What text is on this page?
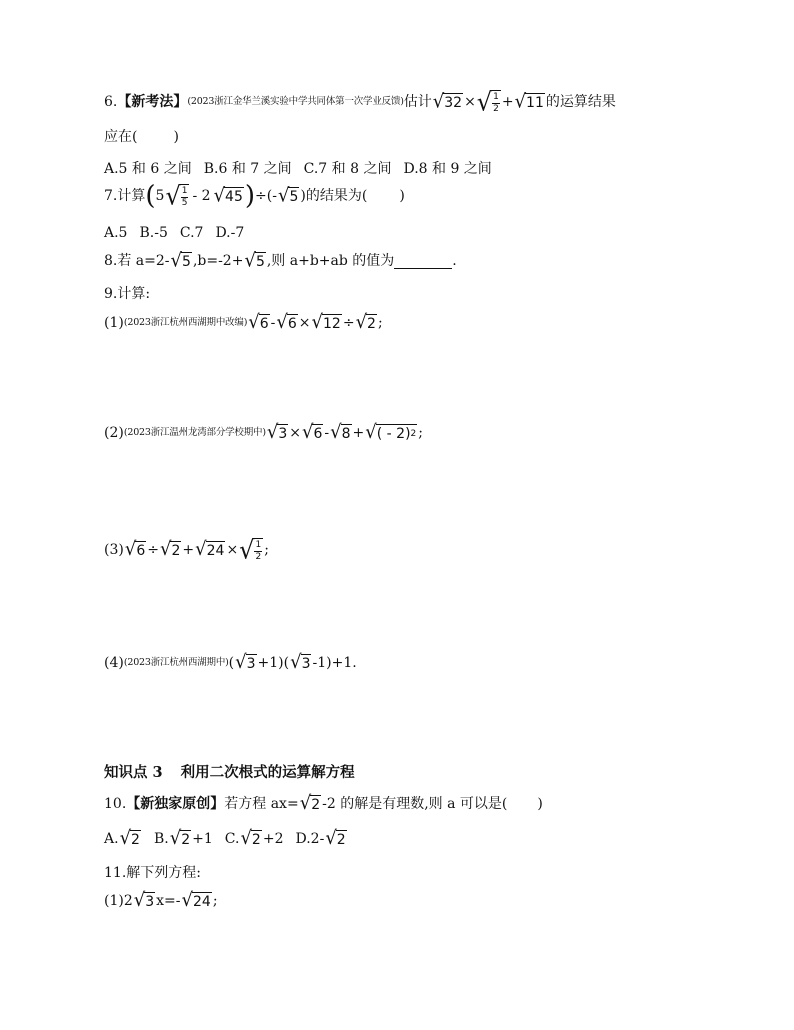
6. 【新考法】 (2023浙江金华兰溪实验中学共同体第一次学业反馈) 估计 √ 32 × √ $\frac{1}{2}$ + √ 11 的运算结果
应在(	)
A.5 和 6 之间 B.6 和 7 之间 C.7 和 8 之间 D.8 和 9 之间
7.计算 ( 5 √ $\frac{1}{5} - 2$ √ 45 ) ÷(- √ 5 )的结果为( )
A.5 B.-5 C.7 D.-7
8.若 a=2- √ 5 ,b=-2+ √ 5 ,则 a+b+ab 的值为	.
9.计算:
(1) (2023浙江杭州西湖期中改编) √ 6 - √ 6 × √ 12 ÷ √ 2 ;
(2) (2023浙江温州龙湾部分学校期中) √ 3 × √ 6 - √ 8 + √ ( - 2) 2 ;
(3) √ 6 ÷ √ 2 + √ 24 × √ $\frac{1}{2}$ ;
(4) (2023浙江杭州西湖期中) ( √ 3 +1)( √ 3 -1)+1.
知识点 3 利用二次根式的运算解方程
10. 【新独家原创】 若方程 ax= √ 2 -2 的解是有理数,则 a 可以是( )
A. √ 2 B. √ 2 +1 C. √ 2 +2 D.2- √ 2
11.解下列方程:
(1)2 √ 3 x=- √ 24 ;
